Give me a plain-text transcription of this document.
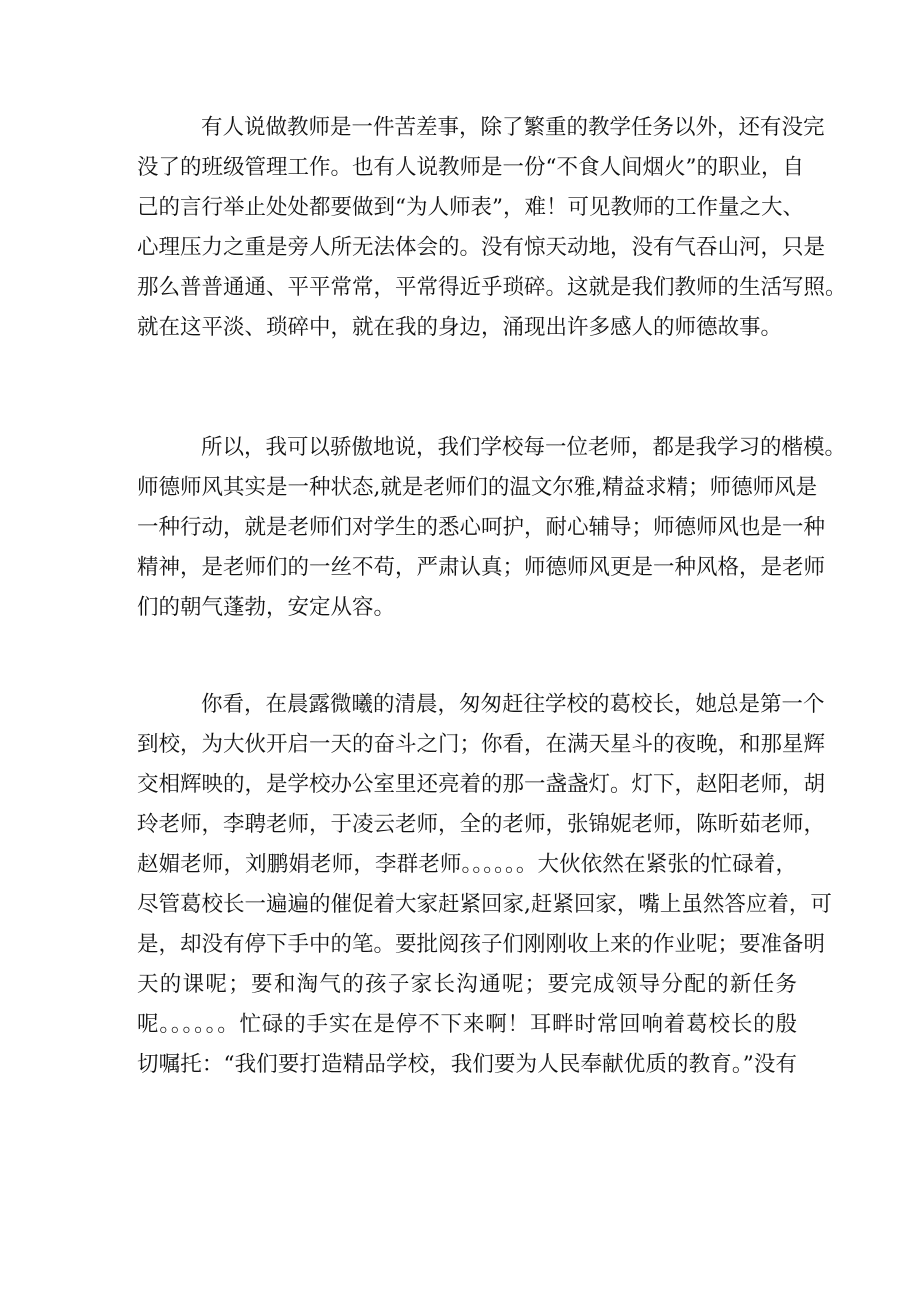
有人说做教师是一件苦差事，除了繁重的教学任务以外，还有没完
没了的班级管理工作。也有人说教师是一份“不食人间烟火”的职业，自
己的言行举止处处都要做到“为人师表”，难！可见教师的工作量之大、
心理压力之重是旁人所无法体会的。没有惊天动地，没有气吞山河，只是
那么普普通通、平平常常，平常得近乎琐碎。这就是我们教师的生活写照。
就在这平淡、琐碎中，就在我的身边，涌现出许多感人的师德故事。
所以，我可以骄傲地说，我们学校每一位老师，都是我学习的楷模。
师德师风其实是一种状态,就是老师们的温文尔雅,精益求精；师德师风是
一种行动，就是老师们对学生的悉心呵护，耐心辅导；师德师风也是一种
精神，是老师们的一丝不苟，严肃认真；师德师风更是一种风格，是老师
们的朝气蓬勃，安定从容。
你看，在晨露微曦的清晨，匆匆赶往学校的葛校长，她总是第一个
到校，为大伙开启一天的奋斗之门；你看，在满天星斗的夜晚，和那星辉
交相辉映的，是学校办公室里还亮着的那一盏盏灯。灯下，赵阳老师，胡
玲老师，李聘老师，于凌云老师，全的老师，张锦妮老师，陈昕茹老师，
赵媚老师，刘鹏娟老师，李群老师。。。。。。大伙依然在紧张的忙碌着，
尽管葛校长一遍遍的催促着大家赶紧回家,赶紧回家，嘴上虽然答应着，可
是，却没有停下手中的笔。要批阅孩子们刚刚收上来的作业呢；要准备明
天的课呢；要和淘气的孩子家长沟通呢；要完成领导分配的新任务
呢。。。。。。忙碌的手实在是停不下来啊！耳畔时常回响着葛校长的殷
切嘱托：“我们要打造精品学校，我们要为人民奉献优质的教育。”没有
